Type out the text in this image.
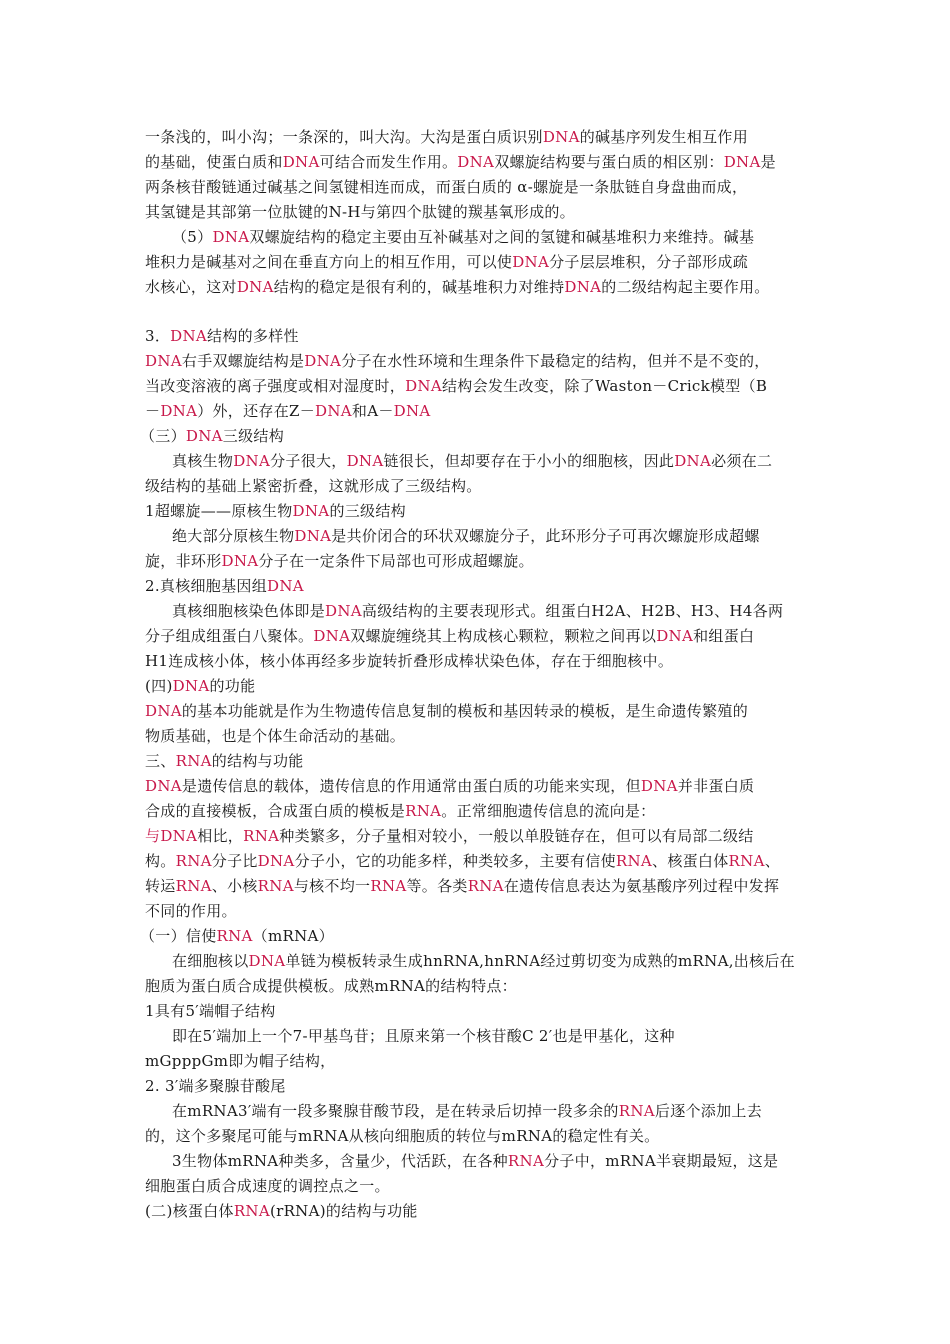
一条浅的，叫小沟；一条深的，叫大沟。大沟是蛋白质识别DNA的碱基序列发生相互作用
的基础，使蛋白质和DNA可结合而发生作用。DNA双螺旋结构要与蛋白质的相区别：DNA是
两条核苷酸链通过碱基之间氢键相连而成，而蛋白质的 α-螺旋是一条肽链自身盘曲而成，
其氢键是其部第一位肽键的N-H与第四个肽键的羰基氧形成的。
（5）DNA双螺旋结构的稳定主要由互补碱基对之间的氢键和碱基堆积力来维持。碱基
堆积力是碱基对之间在垂直方向上的相互作用，可以使DNA分子层层堆积，分子部形成疏
水核心，这对DNA结构的稳定是很有利的，碱基堆积力对维持DNA的二级结构起主要作用。
3．DNA结构的多样性
DNA右手双螺旋结构是DNA分子在水性环境和生理条件下最稳定的结构，但并不是不变的，
当改变溶液的离子强度或相对湿度时，DNA结构会发生改变，除了Waston－Crick模型（B
－DNA）外，还存在Z－DNA和A－DNA
（三）DNA三级结构
真核生物DNA分子很大，DNA链很长，但却要存在于小小的细胞核，因此DNA必须在二
级结构的基础上紧密折叠，这就形成了三级结构。
1超螺旋——原核生物DNA的三级结构
绝大部分原核生物DNA是共价闭合的环状双螺旋分子，此环形分子可再次螺旋形成超螺
旋，非环形DNA分子在一定条件下局部也可形成超螺旋。
2.真核细胞基因组DNA
真核细胞核染色体即是DNA高级结构的主要表现形式。组蛋白H2A、H2B、H3、H4各两
分子组成组蛋白八聚体。DNA双螺旋缠绕其上构成核心颗粒，颗粒之间再以DNA和组蛋白
H1连成核小体，核小体再经多步旋转折叠形成棒状染色体，存在于细胞核中。
(四)DNA的功能
DNA的基本功能就是作为生物遗传信息复制的模板和基因转录的模板，是生命遗传繁殖的
物质基础，也是个体生命活动的基础。
三、RNA的结构与功能
DNA是遗传信息的载体，遗传信息的作用通常由蛋白质的功能来实现，但DNA并非蛋白质
合成的直接模板，合成蛋白质的模板是RNA。正常细胞遗传信息的流向是：
与DNA相比，RNA种类繁多，分子量相对较小，一般以单股链存在，但可以有局部二级结
构。RNA分子比DNA分子小，它的功能多样，种类较多，主要有信使RNA、核蛋白体RNA、
转运RNA、小核RNA与核不均一RNA等。各类RNA在遗传信息表达为氨基酸序列过程中发挥
不同的作用。
（一）信使RNA（mRNA）
在细胞核以DNA单链为模板转录生成hnRNA,hnRNA经过剪切变为成熟的mRNA,出核后在
胞质为蛋白质合成提供模板。成熟mRNA的结构特点：
1具有5′端帽子结构
即在5′端加上一个7-甲基鸟苷；且原来第一个核苷酸C 2′也是甲基化，这种
mGpppGm即为帽子结构，
2. 3′端多聚腺苷酸尾
在mRNA3′端有一段多聚腺苷酸节段，是在转录后切掉一段多余的RNA后逐个添加上去
的，这个多聚尾可能与mRNA从核向细胞质的转位与mRNA的稳定性有关。
3生物体mRNA种类多，含量少，代活跃，在各种RNA分子中，mRNA半衰期最短，这是
细胞蛋白质合成速度的调控点之一。
(二)核蛋白体RNA(rRNA)的结构与功能
